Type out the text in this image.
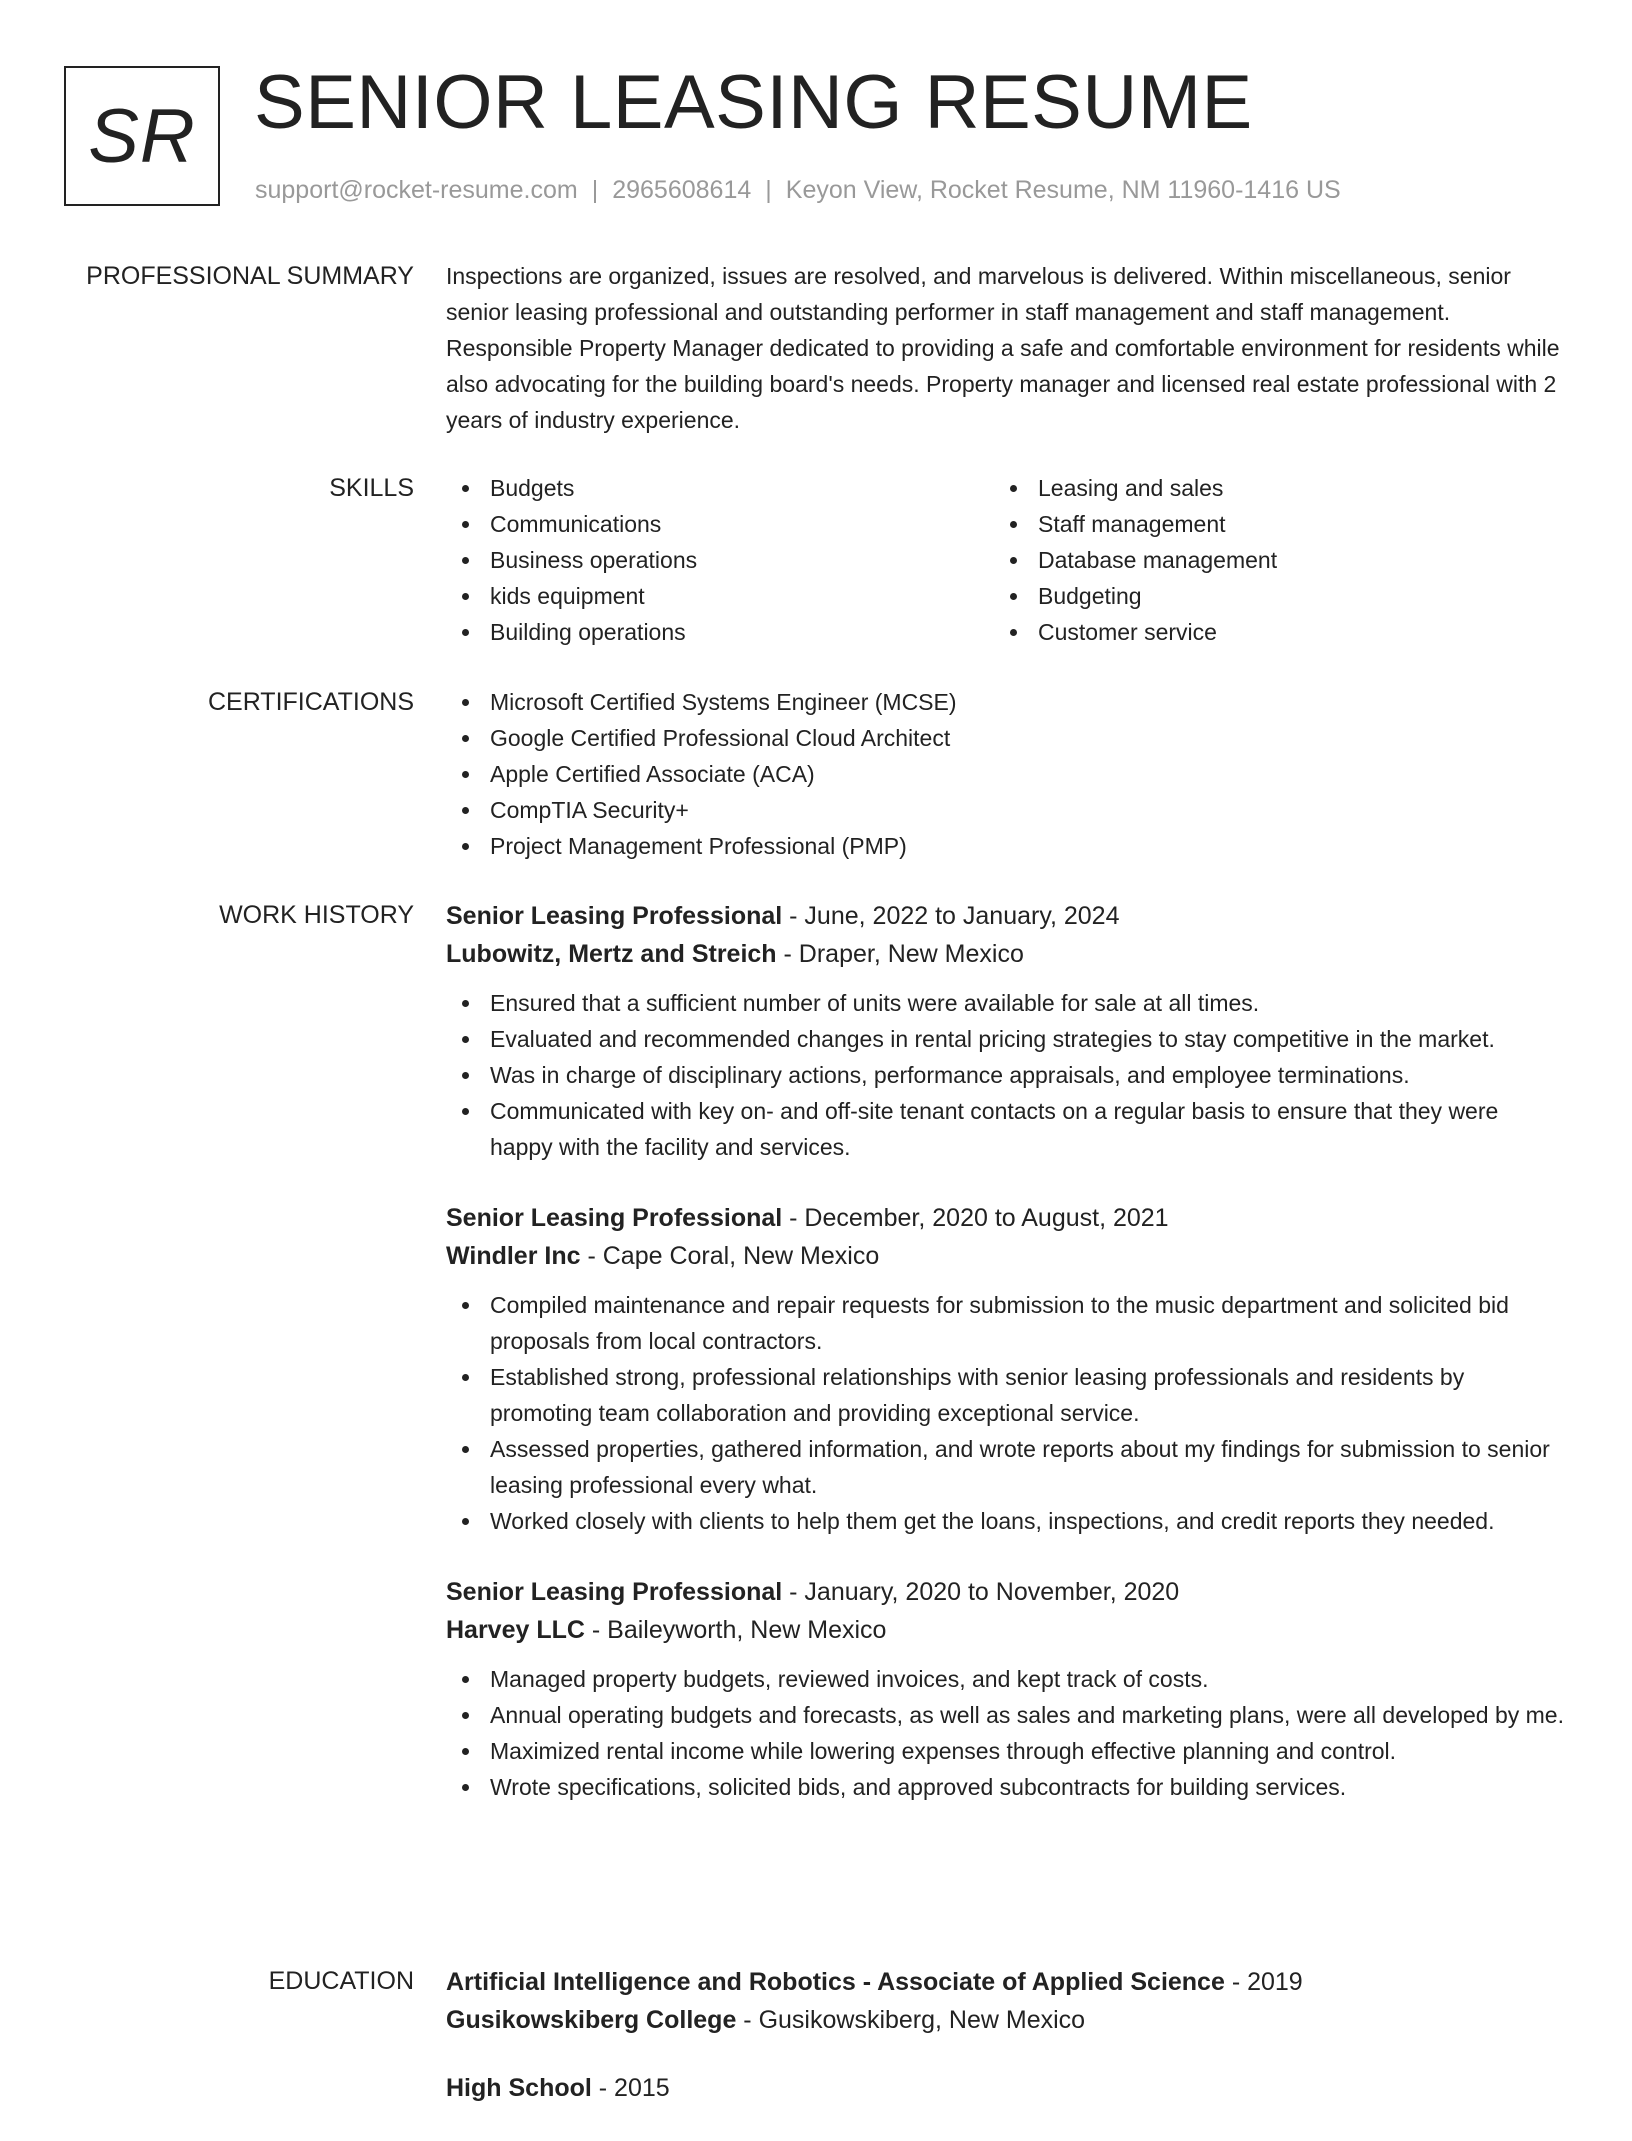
SR SENIOR LEASING RESUME
support@rocket-resume.com | 2965608614 | Keyon View, Rocket Resume, NM 11960-1416 US
PROFESSIONAL SUMMARY Inspections are organized, issues are resolved, and marvelous is delivered. Within miscellaneous, senior senior leasing professional and outstanding performer in staff management and staff management. Responsible Property Manager dedicated to providing a safe and comfortable environment for residents while also advocating for the building board's needs. Property manager and licensed real estate professional with 2 years of industry experience.

SKILLS	Budgets
Communications
Business operations
kids equipment
Building operations
Leasing and sales
Staff management
Database management
Budgeting
Customer service
CERTIFICATIONS	Microsoft Certified Systems Engineer (MCSE)
Google Certified Professional Cloud Architect
Apple Certified Associate (ACA)
CompTIA Security+
Project Management Professional (PMP)
WORK HISTORY Senior Leasing Professional - June, 2022 to January, 2024
Lubowitz, Mertz and Streich - Draper, New Mexico
Ensured that a sufficient number of units were available for sale at all times.
Evaluated and recommended changes in rental pricing strategies to stay competitive in the market.
Was in charge of disciplinary actions, performance appraisals, and employee terminations.
Communicated with key on- and off-site tenant contacts on a regular basis to ensure that they were happy with the facility and services.
Senior Leasing Professional - December, 2020 to August, 2021
Windler Inc - Cape Coral, New Mexico
Compiled maintenance and repair requests for submission to the music department and solicited bid proposals from local contractors.
Established strong, professional relationships with senior leasing professionals and residents by promoting team collaboration and providing exceptional service.
Assessed properties, gathered information, and wrote reports about my findings for submission to senior leasing professional every what.
Worked closely with clients to help them get the loans, inspections, and credit reports they needed.
Senior Leasing Professional - January, 2020 to November, 2020
Harvey LLC - Baileyworth, New Mexico
Managed property budgets, reviewed invoices, and kept track of costs.
Annual operating budgets and forecasts, as well as sales and marketing plans, were all developed by me.
Maximized rental income while lowering expenses through effective planning and control.
Wrote specifications, solicited bids, and approved subcontracts for building services.
EDUCATION Artificial Intelligence and Robotics - Associate of Applied Science - 2019
Gusikowskiberg College - Gusikowskiberg, New Mexico
High School - 2015
